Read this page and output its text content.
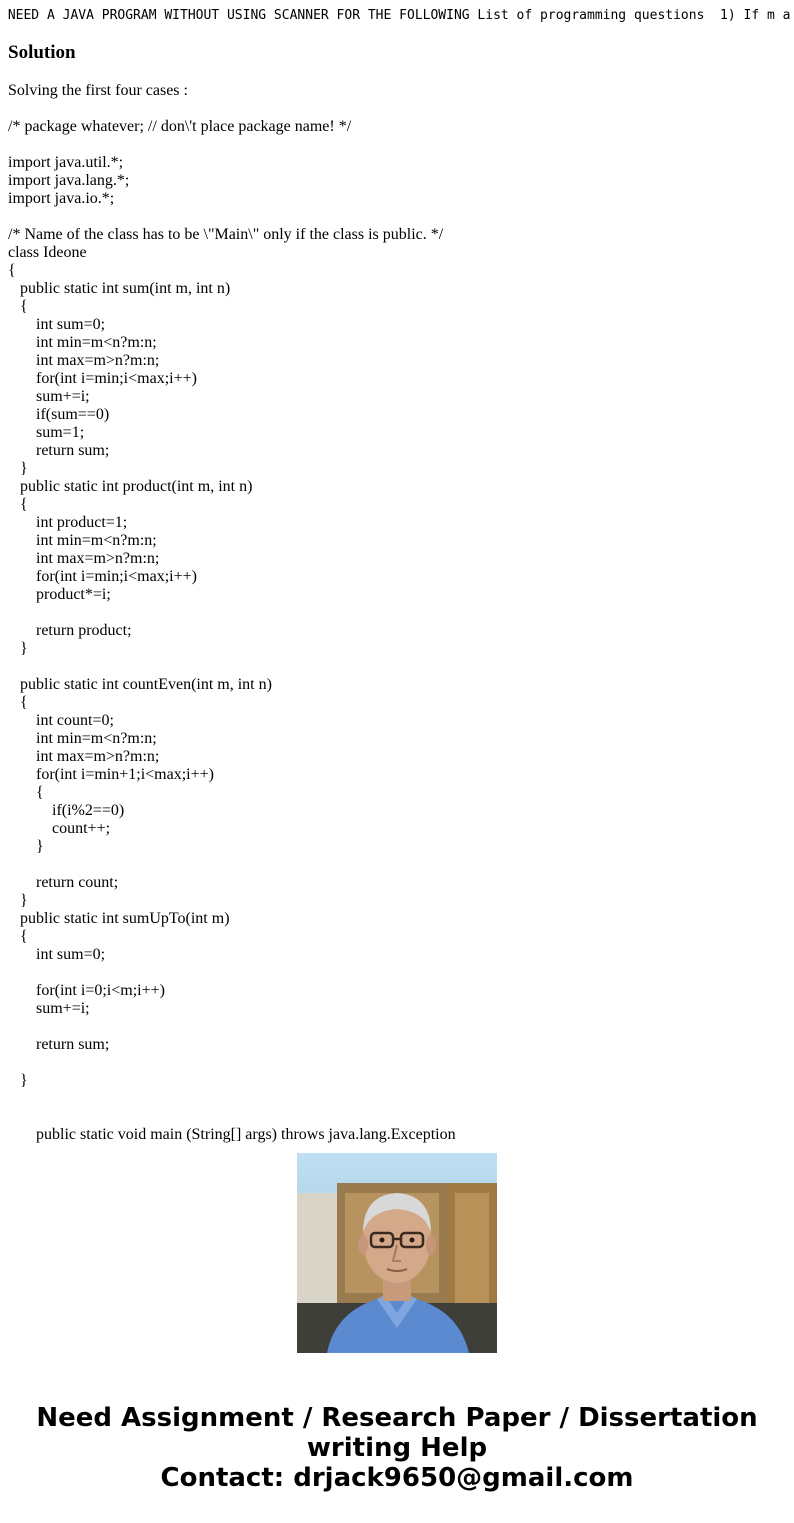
NEED A JAVA PROGRAM WITHOUT USING SCANNER FOR THE FOLLOWING List of programming questions  1) If m a
Solution
Solving the first four cases :

/* package whatever; // don\'t place package name! */

import java.util.*;
import java.lang.*;
import java.io.*;

/* Name of the class has to be \"Main\" only if the class is public. */
class Ideone
{
public static int sum(int m, int n)
{
int sum=0;
int min=m<n?m:n;
int max=m>n?m:n;
for(int i=min;i<max;i++)
sum+=i;
if(sum==0)
sum=1;
return sum;
}
public static int product(int m, int n)
{
int product=1;
int min=m<n?m:n;
int max=m>n?m:n;
for(int i=min;i<max;i++)
product*=i;

return product;
}

public static int countEven(int m, int n)
{
int count=0;
int min=m<n?m:n;
int max=m>n?m:n;
for(int i=min+1;i<max;i++)
{
if(i%2==0)
count++;
}

return count;
}
public static int sumUpTo(int m)
{
int sum=0;

for(int i=0;i<m;i++)
sum+=i;

return sum;

}

public static void main (String[] args) throws java.lang.Exception
Need Assignment / Research Paper / Dissertation
writing Help
Contact: drjack9650@gmail.com
